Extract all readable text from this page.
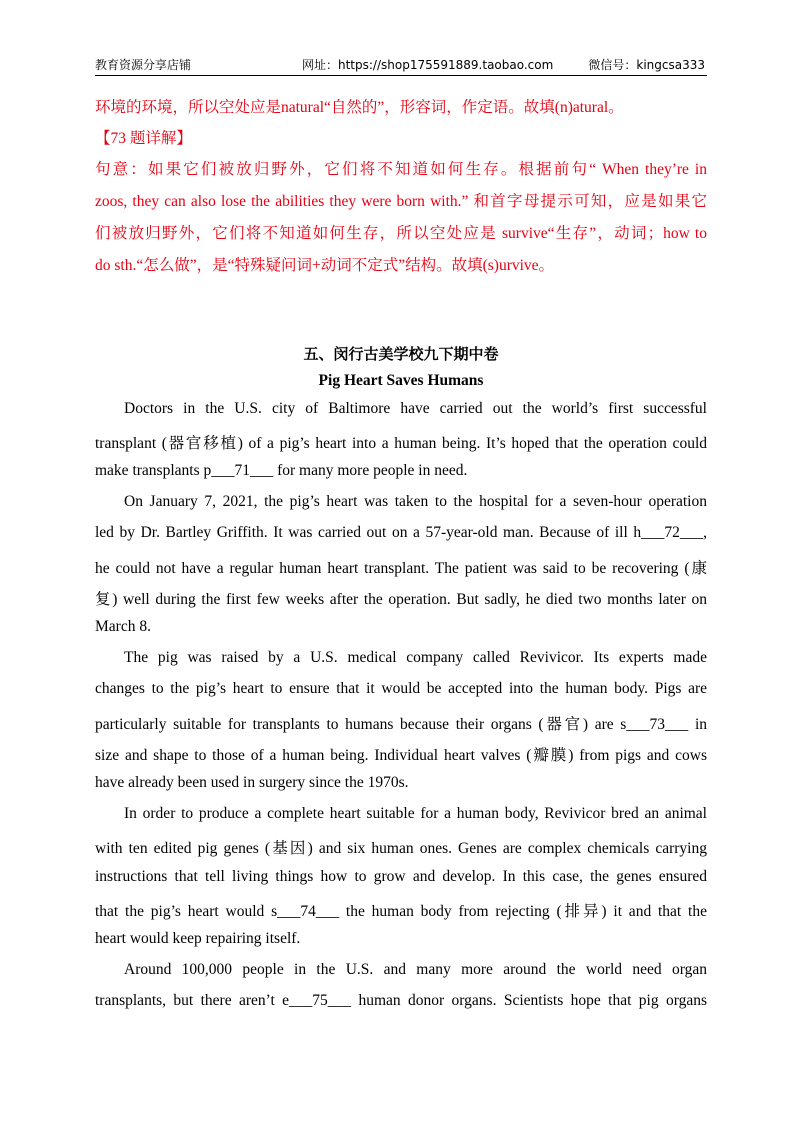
教育资源分享店铺	网址：https://shop175591889.taobao.com	微信号：kingcsa333
环境的环境，所以空处应是natural“自然的”，形容词，作定语。故填(n)atural。
【73 题详解】
句意：如果它们被放归野外，它们将不知道如何生存。根据前句“ When they’re in
zoos, they can also lose the abilities they were born with.” 和首字母提示可知，应是如果它
们被放归野外，它们将不知道如何生存，所以空处应是 survive“生存”，动词；how to
do sth.“怎么做”，是“特殊疑问词+动词不定式”结构。故填(s)urvive。
五、闵行古美学校九下期中卷
Pig Heart Saves Humans
Doctors in the U.S. city of Baltimore have carried out the world’s first successful
transplant (器官移植) of a pig’s heart into a human being. It’s hoped that the operation could
make transplants p___71___ for many more people in need.
On January 7, 2021, the pig’s heart was taken to the hospital for a seven-hour operation
led by Dr. Bartley Griffith. It was carried out on a 57-year-old man. Because of ill h___72___,
he could not have a regular human heart transplant. The patient was said to be recovering (康
复) well during the first few weeks after the operation. But sadly, he died two months later on
March 8.
The pig was raised by a U.S. medical company called Revivicor. Its experts made
changes to the pig’s heart to ensure that it would be accepted into the human body. Pigs are
particularly suitable for transplants to humans because their organs (器官) are s___73___ in
size and shape to those of a human being. Individual heart valves (瓣膜) from pigs and cows
have already been used in surgery since the 1970s.
In order to produce a complete heart suitable for a human body, Revivicor bred an animal
with ten edited pig genes (基因) and six human ones. Genes are complex chemicals carrying
instructions that tell living things how to grow and develop. In this case, the genes ensured
that the pig’s heart would s___74___ the human body from rejecting (排异) it and that the
heart would keep repairing itself.
Around 100,000 people in the U.S. and many more around the world need organ
transplants, but there aren’t e___75___ human donor organs. Scientists hope that pig organs
